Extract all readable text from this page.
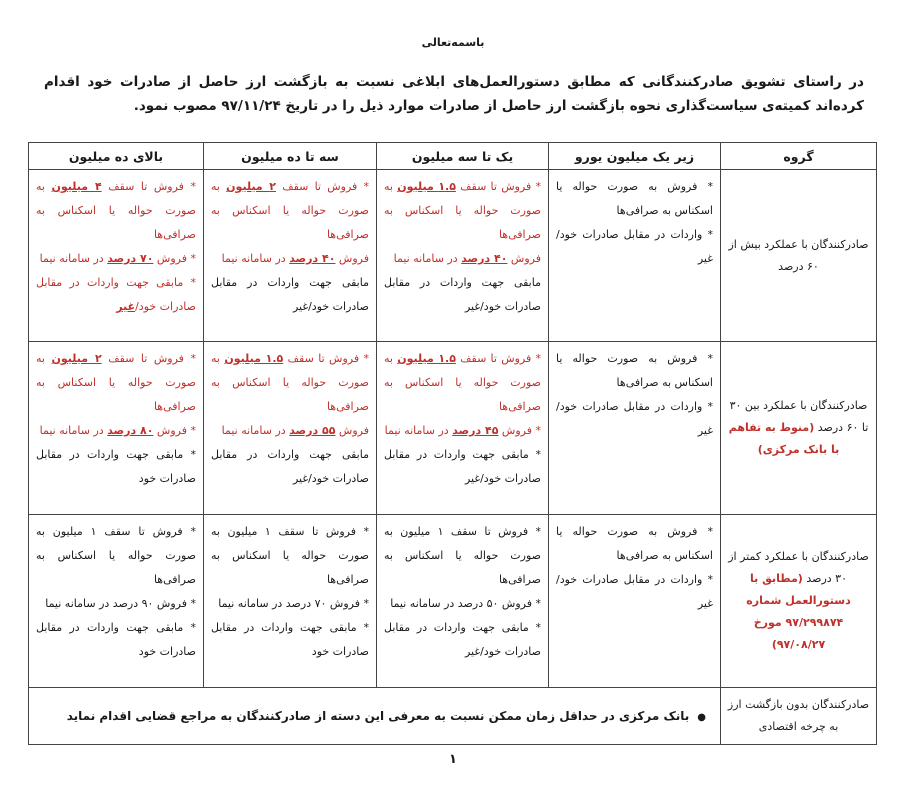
باسمه‌تعالی
در راستای تشویق صادرکنندگانی که مطابق دستورالعمل‌های ابلاغی نسبت به بازگشت ارز حاصل از صادرات خود اقدام کرده‌اند کمیته‌ی سیاست‌گذاری نحوه بازگشت ارز حاصل از صادرات موارد ذیل را در تاریخ ۹۷/۱۱/۲۴ مصوب نمود.
گروه	زیر یک میلیون یورو	یک تا سه میلیون	سه تا ده میلیون	بالای ده میلیون
صادرکنندگان با عملکرد بیش از ۶۰ درصد	* فروش به صورت حواله یا اسکناس به صرافی‌ها
* واردات در مقابل صادرات خود/غیر	* فروش تا سقف ۱.۵ میلیون به صورت حواله یا اسکناس به صرافی‌ها
فروش ۴۰ درصد در سامانه نیما
مابقی جهت واردات در مقابل صادرات خود/غیر	* فروش تا سقف ۲ میلیون به صورت حواله یا اسکناس به صرافی‌ها
فروش ۴۰ درصد در سامانه نیما
مابقی جهت واردات در مقابل صادرات خود/غیر	* فروش تا سقف ۴ میلیون به صورت حواله یا اسکناس به صرافی‌ها
* فروش ۷۰ درصد در سامانه نیما
* مابقی جهت واردات در مقابل صادرات خود/غیر

صادرکنندگان با عملکرد بین ۳۰ تا ۶۰ درصد (منوط به تفاهم با بانک مرکزی)	* فروش به صورت حواله یا اسکناس به صرافی‌ها
* واردات در مقابل صادرات خود/غیر	* فروش تا سقف ۱.۵ میلیون به صورت حواله یا اسکناس به صرافی‌ها
* فروش ۴۵ درصد در سامانه نیما
* مابقی جهت واردات در مقابل صادرات خود/غیر	* فروش تا سقف ۱.۵ میلیون به صورت حواله یا اسکناس به صرافی‌ها
فروش ۵۵ درصد در سامانه نیما
مابقی جهت واردات در مقابل صادرات خود/غیر	* فروش تا سقف ۲ میلیون به صورت حواله یا اسکناس به صرافی‌ها
* فروش ۸۰ درصد در سامانه نیما
* مابقی جهت واردات در مقابل صادرات خود

صادرکنندگان با عملکرد کمتر از ۳۰ درصد (مطابق با دستورالعمل شماره ۹۷/۲۹۹۸۷۴ مورخ ۹۷/۰۸/۲۷)	* فروش به صورت حواله یا اسکناس به صرافی‌ها
* واردات در مقابل صادرات خود/غیر	* فروش تا سقف ۱ میلیون به صورت حواله یا اسکناس به صرافی‌ها
* فروش ۵۰ درصد در سامانه نیما
* مابقی جهت واردات در مقابل صادرات خود/غیر	* فروش تا سقف ۱ میلیون به صورت حواله یا اسکناس به صرافی‌ها
* فروش ۷۰ درصد در سامانه نیما
* مابقی جهت واردات در مقابل صادرات خود	* فروش تا سقف ۱ میلیون به صورت حواله یا اسکناس به صرافی‌ها
* فروش ۹۰ درصد در سامانه نیما
* مابقی جهت واردات در مقابل صادرات خود

صادرکنندگان بدون بازگشت ارز به چرخه اقتصادی	●بانک مرکزی در حداقل زمان ممکن نسبت به معرفی این دسته از صادرکنندگان به مراجع قضایی اقدام نماید			
۱
